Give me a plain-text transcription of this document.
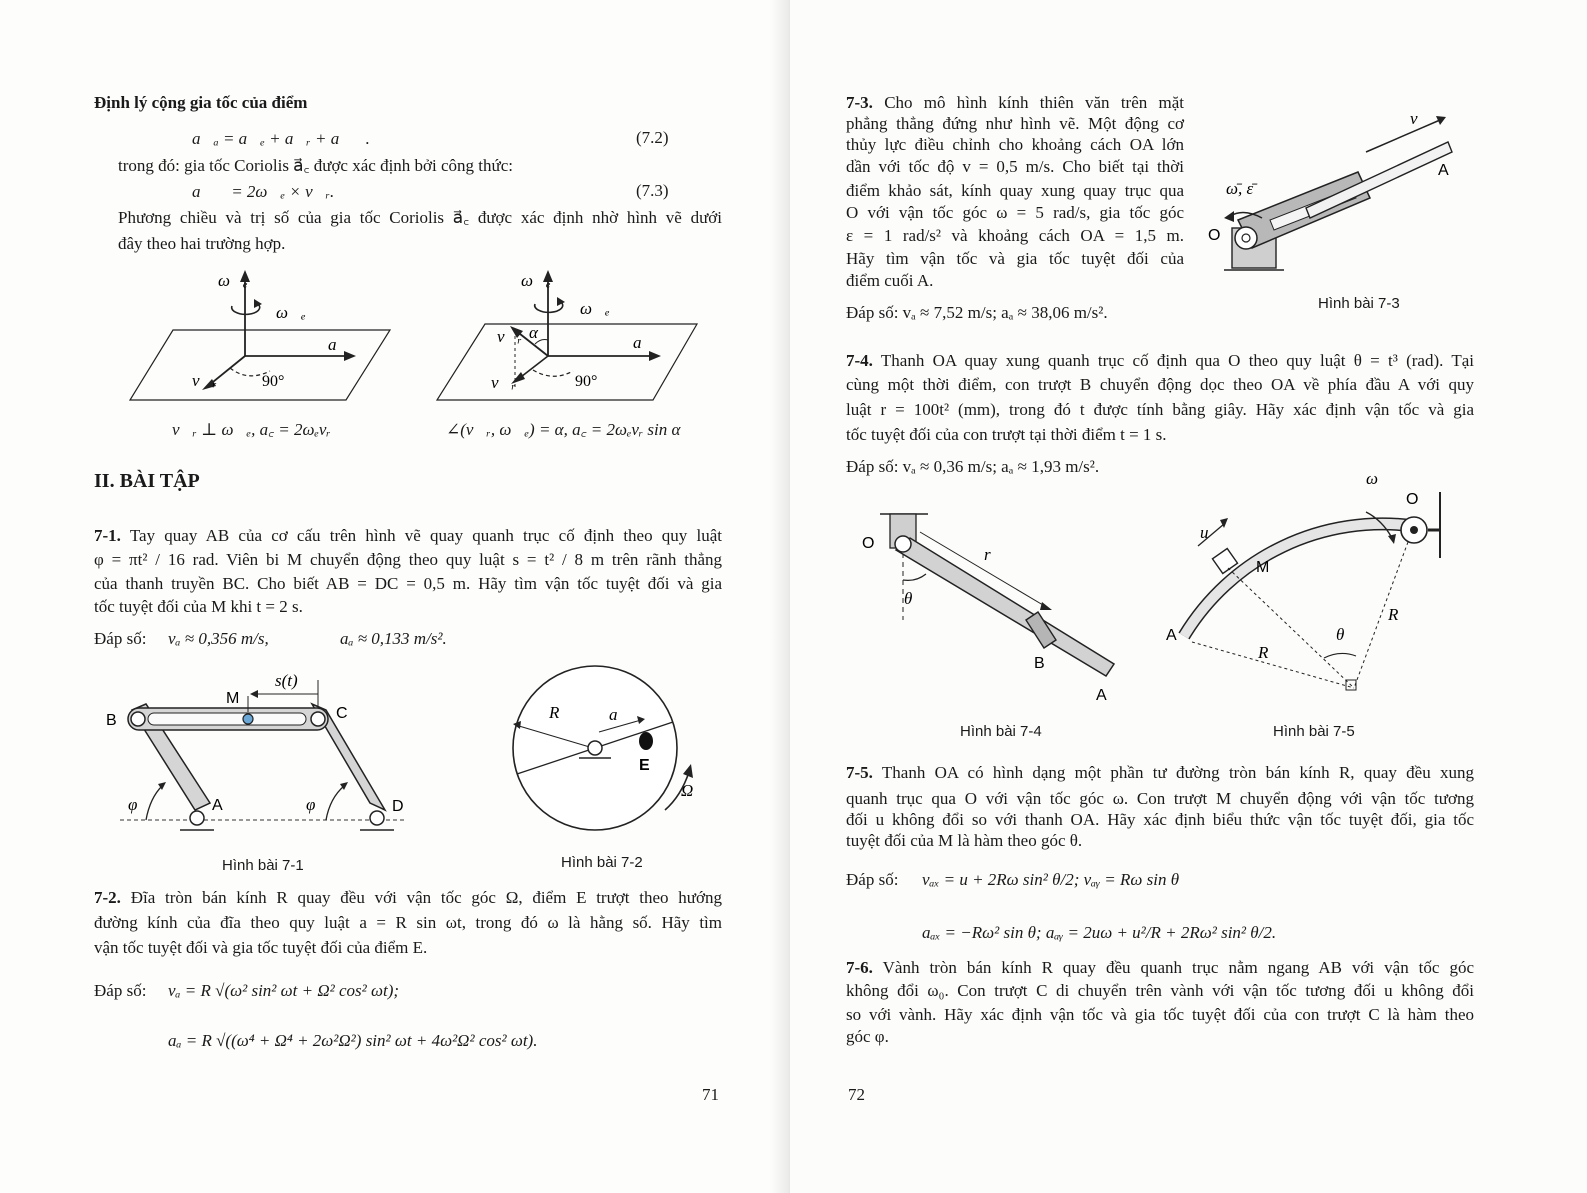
Định lý cộng gia tốc của điểm

a⃗ₐ = a⃗ₑ + a⃗ᵣ + a⃗꜀.	(7.2)

trong đó: gia tốc Coriolis a⃗꜀ được xác định bởi công thức:

a⃗꜀ = 2ω⃗ₑ × v⃗ᵣ.	(7.3)

Phương chiều và trị số của gia tốc Coriolis a⃗꜀ được xác định nhờ hình vẽ dưới

đây theo hai trường hợp.

ω⃗ₑ
ω⃗ₑ
a⃗꜀
v⃗ᵣ	90°

v⃗ᵣ ⊥ ω⃗ₑ, a꜀ = 2ωₑvᵣ

ω⃗ₑ
ω⃗ₑ
a⃗꜀
v⃗ᵣ
v⃗ᵣ
α
90°

∠(v⃗ᵣ, ω⃗ₑ) = α, a꜀ = 2ωₑvᵣ sin α

II. BÀI TẬP

7-1. Tay quay AB của cơ cấu trên hình vẽ quay quanh trục cố định theo quy luật

φ = πt² / 16 rad. Viên bi M chuyển động theo quy luật s = t² / 8 m trên rãnh thẳng

của thanh truyền BC. Cho biết AB = DC = 0,5 m. Hãy tìm vận tốc tuyệt đối và gia

tốc tuyệt đối của M khi t = 2 s.

Đáp số: vₐ ≈ 0,356 m/s,	aₐ ≈ 0,133 m/s².

s(t)
M
B	C
A	D
φ	φ
Hình bài 7-1
R	a
E
Ω
Hình bài 7-2

7-2. Đĩa tròn bán kính R quay đều với vận tốc góc Ω, điểm E trượt theo hướng

đường kính của đĩa theo quy luật a = R sin ωt, trong đó ω là hằng số. Hãy tìm

vận tốc tuyệt đối và gia tốc tuyệt đối của điểm E.

Đáp số: vₐ = R √(ω² sin² ωt + Ω² cos² ωt);

aₐ = R √((ω⁴ + Ω⁴ + 2ω²Ω²) sin² ωt + 4ω²Ω² cos² ωt).

71

7-3. Cho mô hình kính thiên văn trên mặt

phẳng thẳng đứng như hình vẽ. Một động cơ

thủy lực điều chỉnh cho khoảng cách OA lớn

dần với tốc độ v = 0,5 m/s. Cho biết tại thời

điểm khảo sát, kính quay xung quay trục qua

O với vận tốc góc ω = 5 rad/s, gia tốc góc

ε = 1 rad/s² và khoảng cách OA = 1,5 m.

Hãy tìm vận tốc và gia tốc tuyệt đối của

điểm cuối A.

Đáp số: vₐ ≈ 7,52 m/s; aₐ ≈ 38,06 m/s².

v⃗
A
ω̄, ε̄
O
Hình bài 7-3

7-4. Thanh OA quay xung quanh trục cố định qua O theo quy luật θ = t³ (rad). Tại

cùng một thời điểm, con trượt B chuyển động dọc theo OA về phía đầu A với quy

luật r = 100t² (mm), trong đó t được tính bằng giây. Hãy xác định vận tốc và gia

tốc tuyệt đối của con trượt tại thời điểm t = 1 s.

Đáp số: vₐ ≈ 0,36 m/s; aₐ ≈ 1,93 m/s².

O
r
θ
B
A
Hình bài 7-4
ω
O
u⃗
M
R
R
θ
A
Hình bài 7-5

7-5. Thanh OA có hình dạng một phần tư đường tròn bán kính R, quay đều xung

quanh trục qua O với vận tốc góc ω. Con trượt M chuyển động với vận tốc tương

đối u không đổi so với thanh OA. Hãy xác định biểu thức vận tốc tuyệt đối, gia tốc

tuyệt đối của M là hàm theo góc θ.

Đáp số: vₐₓ = u + 2Rω sin² θ/2; vₐᵧ = Rω sin θ

aₐₓ = −Rω² sin θ; aₐᵧ = 2uω + u²/R + 2Rω² sin² θ/2.

7-6. Vành tròn bán kính R quay đều quanh trục nằm ngang AB với vận tốc góc

không đổi ω₀. Con trượt C di chuyển trên vành với vận tốc tương đối u không đổi

so với vành. Hãy xác định vận tốc và gia tốc tuyệt đối của con trượt C là hàm theo

góc φ.

72
